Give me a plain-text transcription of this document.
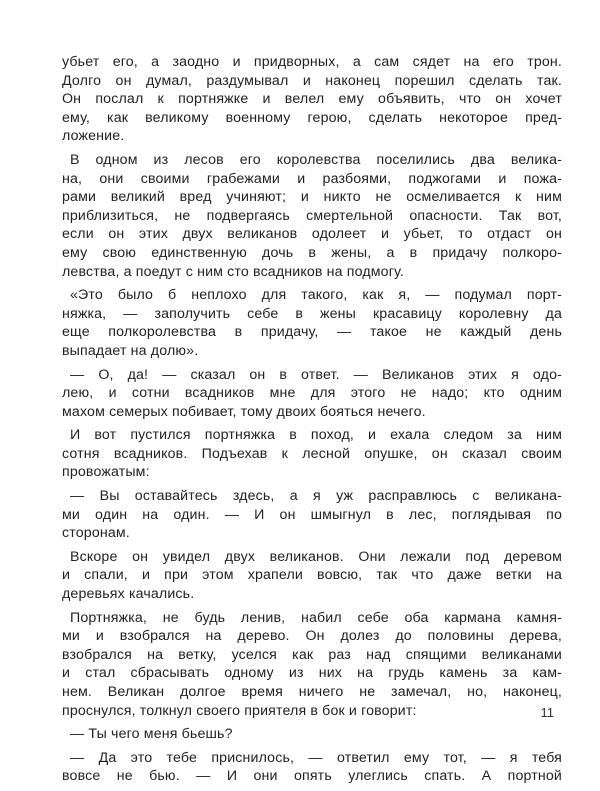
убьет его, а заодно и придворных, а сам сядет на его трон.
Долго он думал, раздумывал и наконец порешил сделать так.
Он послал к портняжке и велел ему объявить, что он хочет
ему, как великому военному герою, сделать некоторое пред-
ложение.
В одном из лесов его королевства поселились два велика-
на, они своими грабежами и разбоями, поджогами и пожа-
рами великий вред учиняют; и никто не осмеливается к ним
приблизиться, не подвергаясь смертельной опасности. Так вот,
если он этих двух великанов одолеет и убьет, то отдаст он
ему свою единственную дочь в жены, а в придачу полкоро-
левства, а поедут с ним сто всадников на подмогу.
«Это было б неплохо для такого, как я, — подумал порт-
няжка, — заполучить себе в жены красавицу королевну да
еще полкоролевства в придачу, — такое не каждый день
выпадает на долю».
— О, да! — сказал он в ответ. — Великанов этих я одо-
лею, и сотни всадников мне для этого не надо; кто одним
махом семерых побивает, тому двоих бояться нечего.
И вот пустился портняжка в поход, и ехала следом за ним
сотня всадников. Подъехав к лесной опушке, он сказал своим
провожатым:
— Вы оставайтесь здесь, а я уж расправлюсь с великана-
ми один на один. — И он шмыгнул в лес, поглядывая по
сторонам.
Вскоре он увидел двух великанов. Они лежали под деревом
и спали, и при этом храпели вовсю, так что даже ветки на
деревьях качались.
Портняжка, не будь ленив, набил себе оба кармана камня-
ми и взобрался на дерево. Он долез до половины дерева,
взобрался на ветку, уселся как раз над спящими великанами
и стал сбрасывать одному из них на грудь камень за кам-
нем. Великан долгое время ничего не замечал, но, наконец,
проснулся, толкнул своего приятеля в бок и говорит:
— Ты чего меня бьешь?
— Да это тебе приснилось, — ответил ему тот, — я тебя
вовсе не бью. — И они опять улеглись спать. А портной
11
